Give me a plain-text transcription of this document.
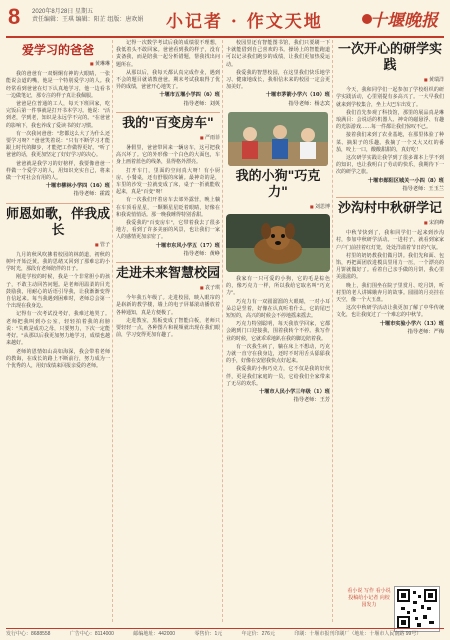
8 2020年8月28日 星期五
责任编辑：王琪 编辑：阳芷 组版：唐欢娟 小记者 · 作文天地	十堰晚报
爱学习的爸爸
■ 黄琳琳

我的爸爸有一双炯炯有神的大眼睛，一张能说会道的嘴，他是一个特别爱学习的人。我经常看到爸爸在灯下认真地学习，他一边看书一边做笔记，那专注的样子真让我佩服。

爸爸是位普通的工人，每天下班回家，吃完饭后第一件事就是打开书本学习。他说："活到老，学到老，知识是永远学不完的。"在爸爸的影响下，我也养成了爱读书的好习惯。

有一次我问爸爸："您都这么大了为什么还要学习呀？"爸爸笑着说："只有不断学习才能跟上时代的脚步，才能把工作做得更好。"听了爸爸的话，我更加坚定了好好学习的决心。

爸爸就是我学习的好榜样，我要像爸爸一样做一个爱学习的人，用知识充实自己，将来做一个对社会有用的人。

十堰市柳林小学四（16）班
指导老师：霍霞
师恩如歌，伴我成长
■ 管子

九月的秋风吹拂着校园的林荫道，初秋的树叶开始泛黄。我的思绪又回到了那难忘的小学时光，那段有老师陪伴的日子。

刚进学校的时候，我是一个非常胆小的孩子，不敢主动回答问题。是老师用温柔的目光鼓励我，用耐心的话语引导我，让我渐渐变得自信起来。每当我遇到困难时，老师总会第一个出现在我身边。

记得有一次考试没考好，我难过地哭了。老师把我叫到办公室，轻轻拍着我的肩膀说："失败是成功之母，只要努力，下次一定能考好。"从那以后我更加努力地学习，成绩也越来越好。

老师的恩情如山高如海深，我会带着老师的教诲，在成长的路上不断前行，努力成为一个优秀的人，用好成绩来回报亲爱的老师。

记得一次数学考试后我的成绩很不理想，我低着头不敢回家。爸爸看到我的样子，没有责备我，而是陪我一起分析错题，帮我找出问题所在。

从那以后，我每天都认真完成作业，遇到不会的题目就请教爸爸。期末考试我取得了优异的成绩，爸爸开心地笑了。

十堰市五堰小学四（6）班
指导老师：刘英
我的"百变房车"
■ 严雨菲

暑假里，爸爸带回来一辆房车，这可把我高兴坏了。它的外形像一个白色的大面包，车身上画着蓝色的线条，显得格外漂亮。

打开车门，里面的空间真大呀！有小厨房、小餐桌，还有舒服的床铺。最神奇的是，车里的沙发一拉就变成了床，桌子一折就能收起来，真是"百变"呀！

有一次我们开着房车去郊外露营，晚上躺在车顶看星星，一颗颗星星眨着眼睛，好像在和我说悄悄话。那一晚我睡得特别香甜。

我爱我的"百变房车"，它带着我去了很多地方，看到了许多美丽的风景，也让我们一家人的感情更加亲密了。

十堰市东风小学五（17）班
指导老师：黄峥
走进未来智慧校园
■ 袁子琪

今年我五年级了。走进校园，映入眼帘的是崭新的教学楼，墙上的电子屏幕滚动播放着各种通知，真是方便极了。

走进教室，黑板变成了智能白板，老师只要轻轻一点，各种图片和视频就出现在我们眼前，学习变得更加有趣了。

校园里还有智能图书馆，我们只要刷一下卡就能借到自己喜欢的书。操场上的智能跑道可以记录我们跑步的成绩，让我们更加热爱运动。

我爱我的智慧校园，在这里我们快乐地学习、健康地成长，我相信未来的校园一定会更加美好。

十堰市茅箭小学六（10）班
指导老师：杨志宾
我的小狗"巧克力"
■ 刘思博

我家有一只可爱的小狗，它的毛是棕色的，像巧克力一样，所以我给它取名叫"巧克力"。

巧克力有一双圆溜溜的大眼睛，一对小耳朵总是竖着，好像在认真听着什么。它的尾巴短短的，高兴的时候会不停地摇来摇去。

巧克力特别聪明，每天我放学回家，它都会跑到门口迎接我，围着我转个不停。我写作业的时候，它就乖乖地趴在我的脚边陪着我。

有一次我生病了，躺在床上不想动，巧克力就一直守在我身边，还时不时用舌头舔舔我的手，好像在安慰我快点好起来。

我爱我的小狗巧克力，它不仅是我的好伙伴，更是我们家庭的一员，它给我们全家带来了无尽的欢乐。

十堰市人民小学三年级（1）班
指导老师：王芳
一次开心的研学实践
■ 黄瑞洋

今天，我和同学们一起参加了学校组织的研学实践活动，心里别提有多高兴了。一大早我们就来到学校集合，坐上大巴车出发了。

我们首先参观了科技馆，那里的展品真是琳琅满目：会说话的机器人、神奇的磁悬浮、有趣的光影游戏……每一件都让我们惊叹不已。

接着我们来到了农业基地，在那里体验了种菜、摘果子的乐趣。我摘了一个又大又红的番茄，咬上一口，酸酸甜甜的，真好吃！

这次研学实践让我学到了很多课本上学不到的知识，也让我明白了劳动的快乐，我期待下一次的研学之旅。

十堰市郧阳区城关一小四（8）班
指导老师：王玉兰
沙沟村中秋研学记
■ 宋润峰

中秋节快到了，我和同学们一起来到沙沟村，参加中秋研学活动。一进村子，就看到家家户户门前挂着红灯笼，处处洋溢着节日的气氛。

村里的奶奶教我们做月饼。我们先和面、包馅，再把面团放进模具里用力一压，一个漂亮的月饼就做好了。看着自己亲手做的月饼，我心里美滋滋的。

晚上，我们围坐在院子里赏月、吃月饼，听村里的老人讲嫦娥奔月的故事。圆圆的月亮挂在天空，像一个大玉盘。

这次中秋研学活动让我更加了解了中华传统文化，也让我度过了一个难忘的中秋节。

十堰市实验小学六（13）班
指导老师：严梅
看小说 写作 看小说 投稿给小记者 向校园发力
发行中心：8688558	广告中心：8114000	邮编地址：442000	零售价：1元	年定价：276元	印刷：十堰市报刊印刷厂（地址：十堰市人民南路 99号）
